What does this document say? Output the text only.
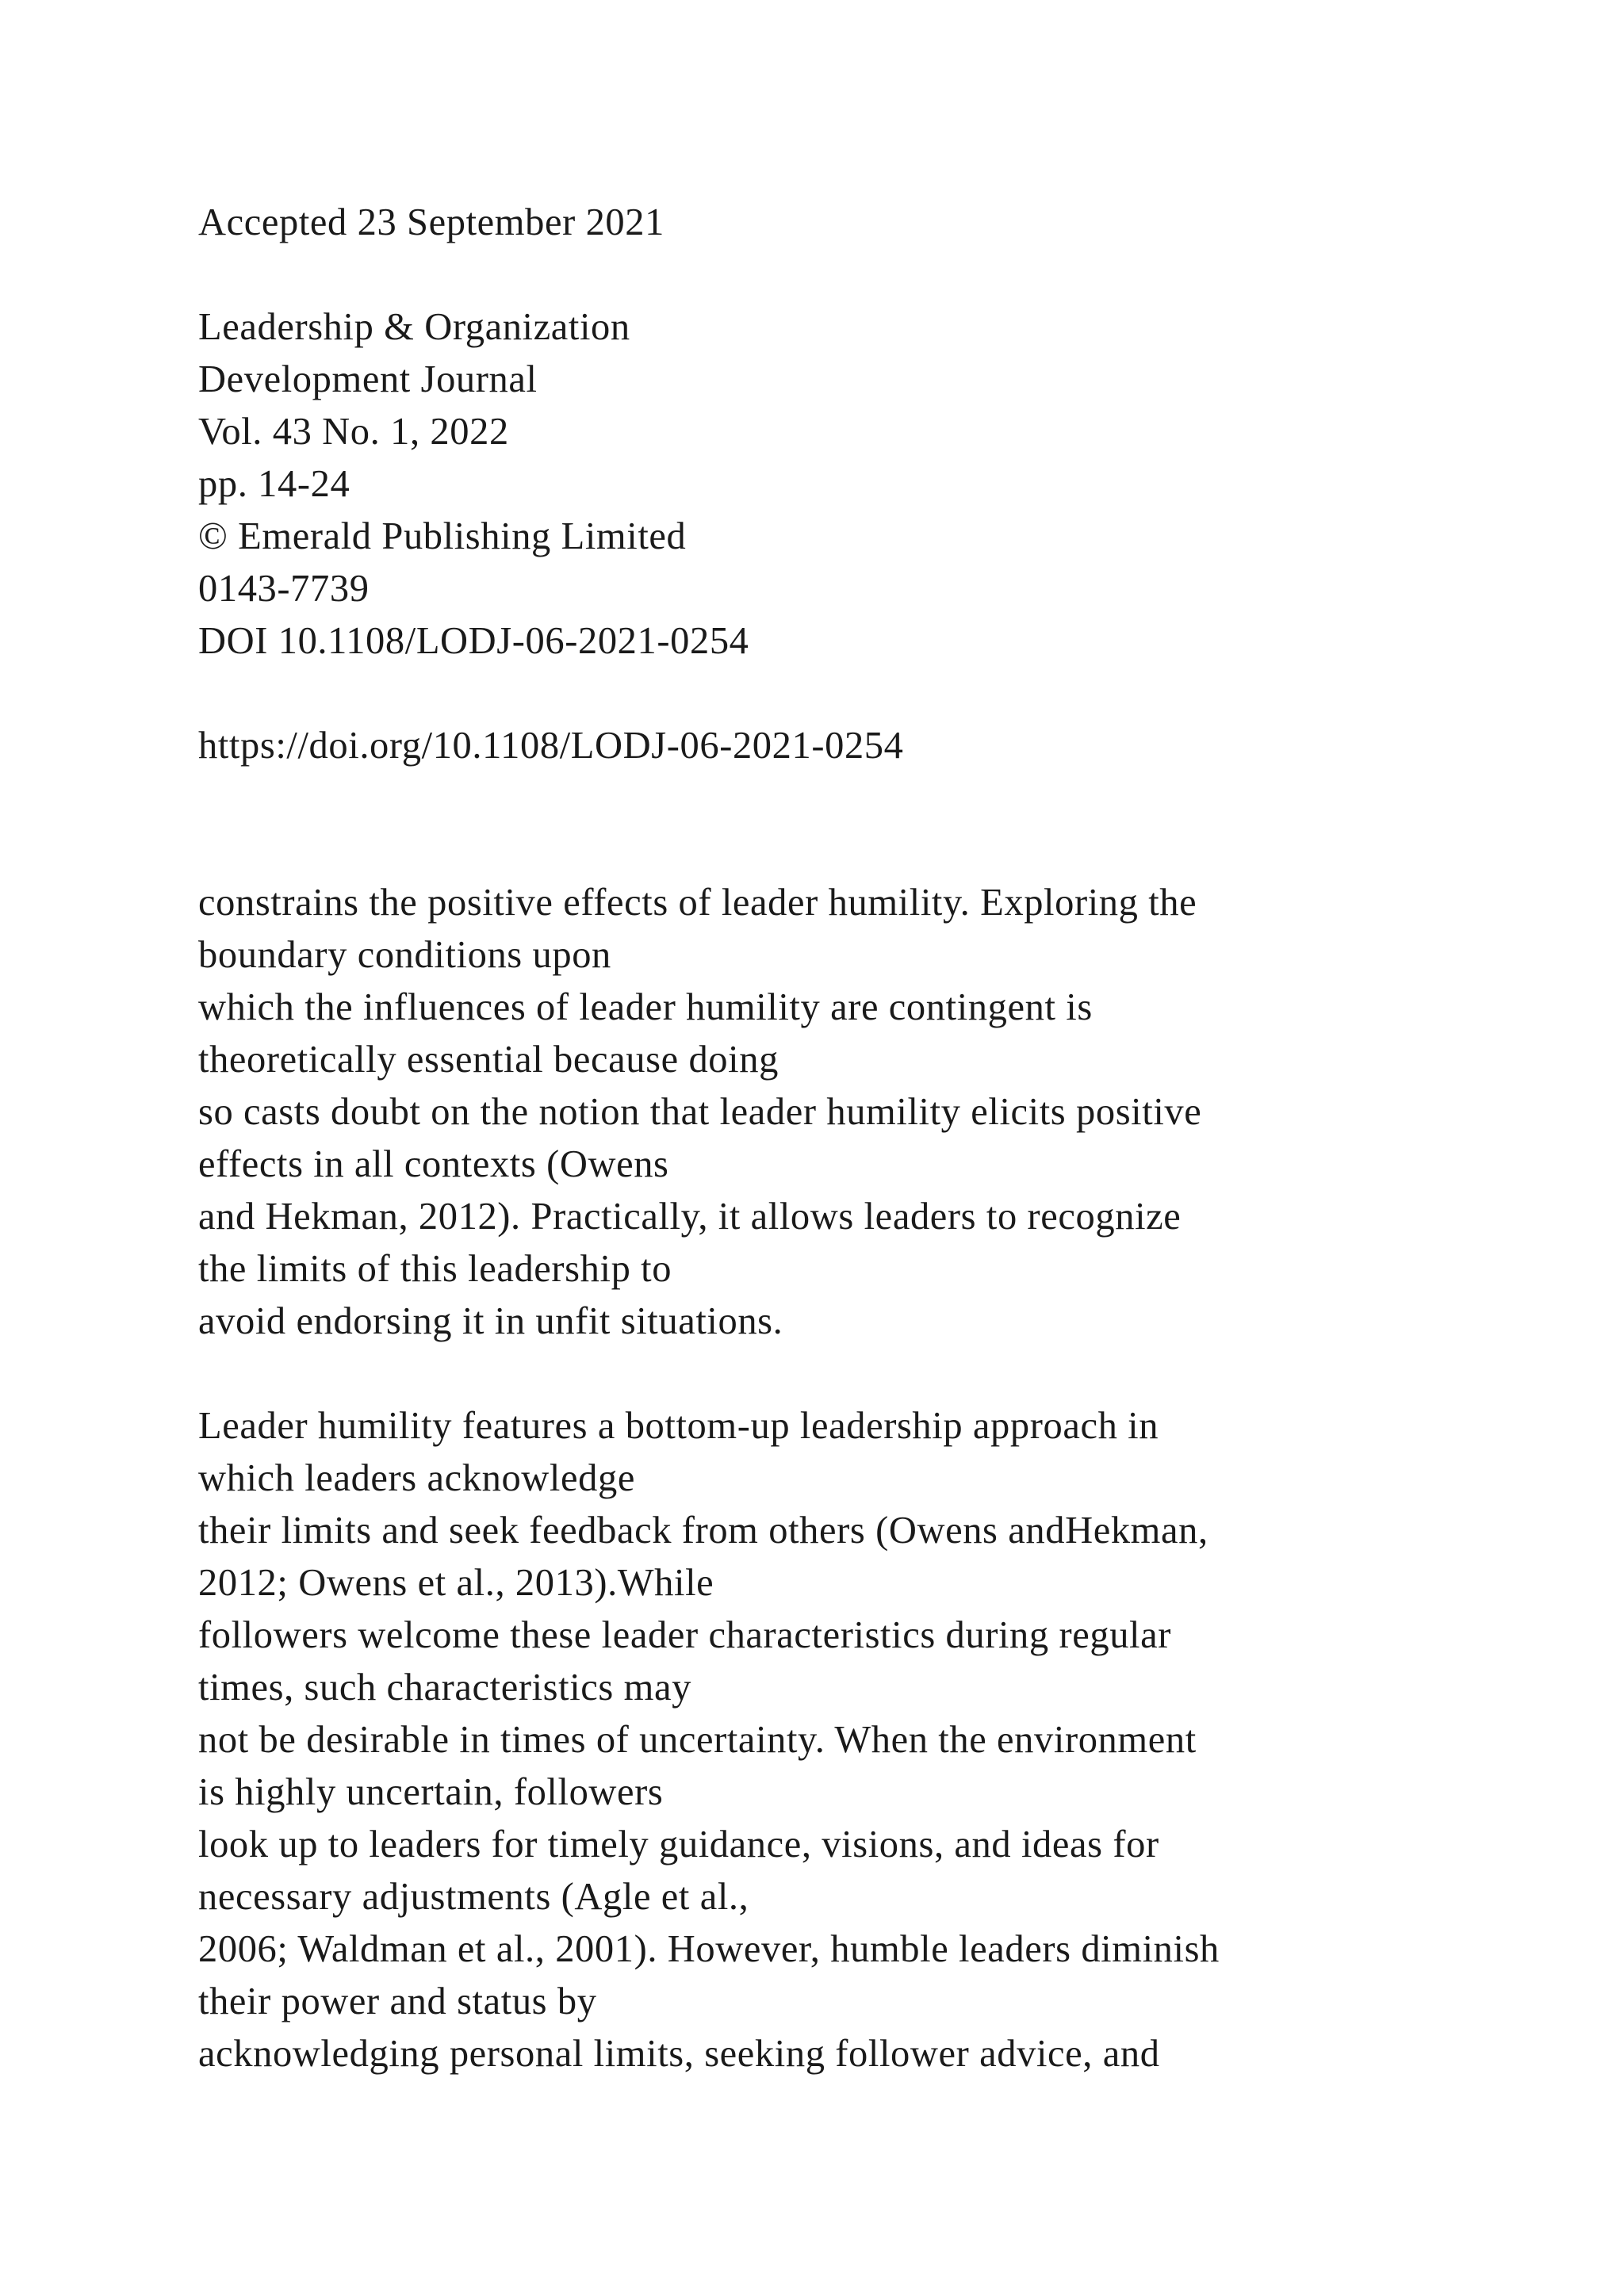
Accepted 23 September 2021
Leadership & Organization
Development Journal
Vol. 43 No. 1, 2022
pp. 14-24
© Emerald Publishing Limited
0143-7739
DOI 10.1108/LODJ-06-2021-0254
https://doi.org/10.1108/LODJ-06-2021-0254
constrains the positive effects of leader humility. Exploring the
boundary conditions upon
which the influences of leader humility are contingent is
theoretically essential because doing
so casts doubt on the notion that leader humility elicits positive
effects in all contexts (Owens
and Hekman, 2012). Practically, it allows leaders to recognize
the limits of this leadership to
avoid endorsing it in unfit situations.
Leader humility features a bottom-up leadership approach in
which leaders acknowledge
their limits and seek feedback from others (Owens andHekman,
2012; Owens et al., 2013).While
followers welcome these leader characteristics during regular
times, such characteristics may
not be desirable in times of uncertainty. When the environment
is highly uncertain, followers
look up to leaders for timely guidance, visions, and ideas for
necessary adjustments (Agle et al.,
2006; Waldman et al., 2001). However, humble leaders diminish
their power and status by
acknowledging personal limits, seeking follower advice, and
